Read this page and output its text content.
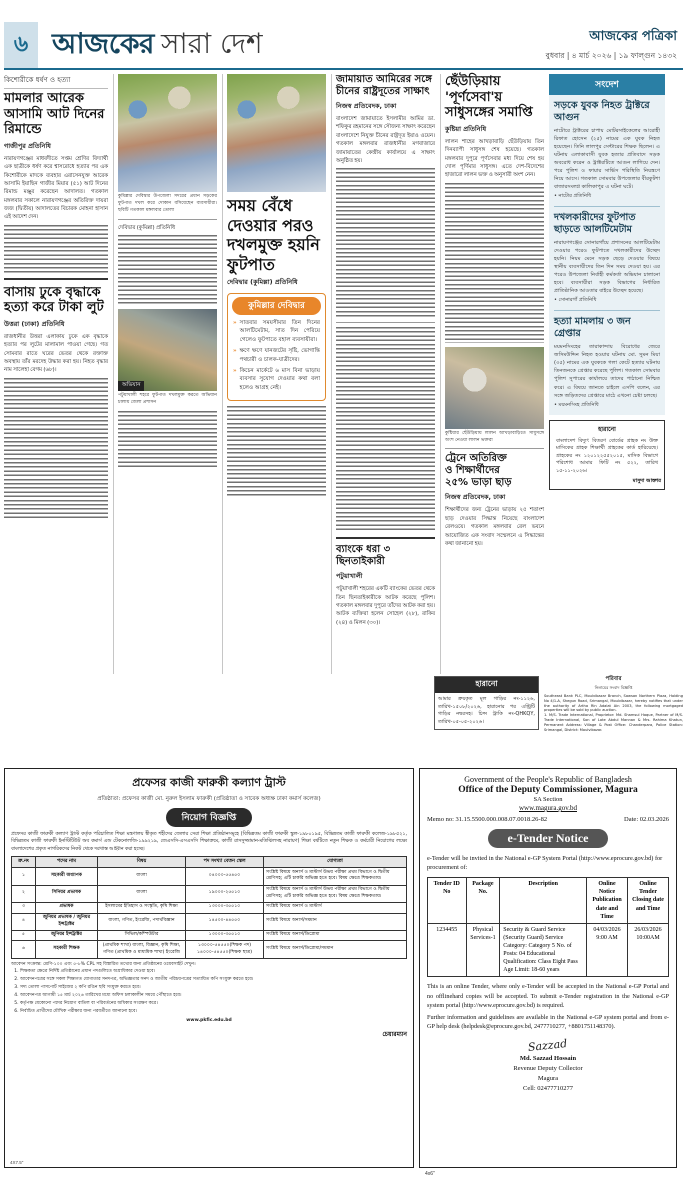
৬ আজকের সারা দেশ	আজকের পত্রিকা
বুধবার | ৪ মার্চ ২০২৬ | ১৯ ফাল্গুন ১৪৩২
কিশোরীকে ধর্ষণ ও হত্যা
মামলার আরেক আসামি আট দিনের রিমান্ডে
গাজীপুর প্রতিনিধি
নারায়ণগঞ্জের মাধবদীতে সপ্তম শ্রেণির বিদ্যার্থী এক ছাত্রীকে ধর্ষণ করে শ্বাসরোধে হত্যার পর এক কিশোরীকে মাদকে ব্যবহার এরাসেনযুক্ত আরেক আসামি ইয়াছিন গাজীর মিয়ার (৫১) আট দিনের রিমান্ড মঞ্জুর করেছেন আদালত। গতকাল মঙ্গলবার সকালে নারায়ণগঞ্জের অতিরিক্ত দায়রা জজ (দ্বিতীয়) আদালতের বিচারক মোহনা হাসান এই আদেশ দেন।
বাসায় ঢুকে বৃদ্ধাকে হত্যা করে টাকা লুট
উত্তরা (ঢাকা) প্রতিনিধি
রাজধানীর উত্তরা এলাকায় ঢুকে এক বৃদ্ধাকে হত্যার পর লুটের মালামাল পাওয়া গেছে। গত সোমবার রাতে ঘরের ভেতর থেকে রক্তাক্ত অবস্থায় তাঁর মরদেহ উদ্ধার করা হয়। নিহত বৃদ্ধার নাম সালেহা বেগম (৬৮)।
কুমিল্লার দেবিদ্বার উপজেলা সদরের প্রধান সড়কের ফুটপাত দখল করে দোকান বসিয়েছেন ব্যবসায়ীরা। ছবিটি গতকাল মঙ্গলবার তোলা
দেবিদ্বার (কুমিল্লা) প্রতিনিধি
অভিযান
পটুয়াখালী শহরে ফুটপাত দখলমুক্ত করতে অভিযান চালায় জেলা প্রশাসন
সময় বেঁধে দেওয়ার পরও
দখলমুক্ত হয়নি ফুটপাত
দেবিদ্বার (কুমিল্লা) প্রতিনিধি
কুমিল্লার দেবিদ্বার
» সাতবার সময়সীমার তিন দিনের আলটিমেটাম, সাত দিন পেরিয়ে গেলেও ফুটপাতে বহাল ব্যবসায়ীরা।
» ক্ষণে ক্ষণে যানজটের সৃষ্টি, ভোগান্তি পথচারী ও চালক-যাত্রীদের।
» কিচেন মার্কেটে ৬ মাস বিনা ভাড়ায় ব্যবসার সুযোগ দেওয়ার কথা বলা হলেও আগ্রহ নেই।
জামায়াত আমিরের সঙ্গে চীনের রাষ্ট্রদূতের সাক্ষাৎ
নিজস্ব প্রতিবেদক, ঢাকা
বাংলাদেশ জামায়াতে ইসলামীর আমির ডা. শফিকুর রহমানের সঙ্গে সৌজন্য সাক্ষাৎ করেছেন বাংলাদেশে নিযুক্ত চীনের রাষ্ট্রদূত ইয়াও ওয়েন। গতকাল মঙ্গলবার রাজধানীর মগবাজারে জামায়াতের কেন্দ্রীয় কার্যালয়ে এ সাক্ষাৎ অনুষ্ঠিত হয়।
ব্যাংকে ধরা ৩ ছিনতাইকারী
পটুয়াখালী
পটুয়াখালী শহরের একটি ব্যাংকের ভেতর থেকে তিন ছিনতাইকারীকে আটক করেছে পুলিশ। গতকাল মঙ্গলবার দুপুরে তাঁদের আটক করা হয়। আটক ব্যক্তিরা হলেন সোহেল (২৮), রাকিব (২৪) ও মিলন (৩০)।
ছেঁউড়িয়ায় 'পূর্ণসেবা'য় সাধুসঙ্গের সমাপ্তি
কুষ্টিয়া প্রতিনিধি
লালন শাহের আখড়াবাড়ি ছেঁউড়িয়ায় তিন দিনব্যাপী সাধুসঙ্গ শেষ হয়েছে। গতকাল মঙ্গলবার দুপুরে পূর্ণসেবার মধ্য দিয়ে শেষ হয় দোল পূর্ণিমার সাধুসঙ্গ। এতে দেশ-বিদেশের হাজারো লালন ভক্ত ও অনুসারী অংশ নেন।
কুষ্টিয়ার ছেঁউড়িয়ায় লালন আখড়াবাড়িতে সাধুসঙ্গে অংশ নেওয়া লালন ভক্তরা
ট্রেনে অতিরিক্ত
ও শিক্ষার্থীদের
২৫% ভাড়া ছাড়
নিজস্ব প্রতিবেদক, ঢাকা
শিক্ষার্থীদের জন্য ট্রেনের ভাড়ায় ২৫ শতাংশ ছাড় দেওয়ার সিদ্ধান্ত নিয়েছে বাংলাদেশ রেলওয়ে। গতকাল মঙ্গলবার রেল ভবনে আয়োজিত এক সংবাদ সম্মেলনে এ সিদ্ধান্তের কথা জানানো হয়।
সংদেশ
সড়কে যুবক নিহত ট্রাক্টরে আগুন
নাটোরে ট্রাক্টরের চাপায় মোটরসাইকেলের আরোহী রিফাত হোসেন (২৫) নামের এক যুবক নিহত হয়েছেন। তিনি লালপুর সেন্টারের শিক্ষক ছিলেন। এ ঘটনায় এলাকাবাসী যুবক হত্যার প্রতিবাদে সড়ক অবরোধ করেন ও ট্রাক্টরটিতে আগুন লাগিয়ে দেন। পরে পুলিশ ও ফায়ার সার্ভিস পরিস্থিতি নিয়ন্ত্রণে নিয়ে আসে। গতকাল সোমবার উপজেলার বীরকুটশা বাজারসংলগ্ন কালিকাপুর এ ঘটনা ঘটে।
• নাটোর প্রতিনিধি
দখলকারীদের ফুটপাত ছাড়তে আলটিমেটাম
নারায়ণগঞ্জের সোনারগাঁয়ে প্রশাসনের আলটিমেটাম দেওয়ার পরেও ফুটপাতে দখলকারীদের উচ্ছেদ হয়নি। নিয়ম মেনে সড়ক ছেড়ে দেওয়ার বিষয়ে স্থানীয় ব্যবসায়ীদের তিন দিন সময় দেওয়া হয়। এর পরেও উপজেলা নির্বাহী কর্মকর্তা অভিযান চালানো হবে। ব্যবসায়ীরা সড়ক বিভাগের নির্ধারিত প্রাতিষ্ঠানিক আওতার বাইরে উচ্ছেদ হয়েছে।
• সোনারগাঁ প্রতিনিধি
হত্যা মামলায় ৩ জন গ্রেপ্তার
ময়মনসিংহের তারাকান্দায় বিরোধের জেরে জসিমউদ্দিন নিহত হওয়ার ঘটনায় মো. সুমন মিয়া (৩৫) নামের এক যুবককে গলা কেটে হত্যার ঘটনায় তিনজনকে গ্রেপ্তার করেছে পুলিশ। গতকাল সোমবার পুলিশ সুপারের কার্যালয়ে তাদের পাঠানো নিশ্চিত করে। এ বিষয়ে জানতে চাইলে এসপি বলেন, এর সঙ্গে জড়িতদের গ্রেপ্তারে মাঠে এখনো চেষ্টা চলছে।
• ময়মনসিংহ প্রতিনিধি
হারানো
বাংলাদেশ বিদ্যুৎ বিতরণ বোর্ডের গ্রাহক নং উক্ত মাসিকের গ্রাহক শিক্ষার্থী গ্রাহকের কার্ড হারিয়েছে। গ্রাহকের নং ১২০১২২৫৫২০১৫, মাসিক বিভাগে পরিশোধ আমার ফিটি নং ৫২২, তারিখ ১৫-১১-২০২৬।
মাসুদা আক্তার
হারানো
আমার ক্রয়কৃত মূল গাড়ির নং-১১২৬, তারিখ-১৫০৮/২০২৬, হারানোর পর এন্ট্রিটি গাড়ির নম্বরসহ। চিপ্স ট্রাকি নং-QHKQY, তারিখ-০৫-০৫-২০২৬।
পরিবার
নিলামের সংবাদ বিজ্ঞপ্তি
Southeast Bank PLC, Moulvibazar Branch, Sawsan Northern Plaza, Holding No 4/1-A, Shegun Road, Srimangal, Moulvibazar, hereby notifies that under the authority of Artha Rin Adalat Ain 2003, the following mortgaged properties will be sold by public auction.
1. M/S. Trade International, Proprietor: Md. Shamsul Haque, Partner of M/S. Trade International, Son of Late Abdul Mannan & Mrs. Rahima Khatun, Permanent Address: Village & Post Office: Chanderpara, Police Station: Srimangal, District: Moulvibazar.
প্রফেসর কাজী ফারুকী কল্যাণ ট্রাস্ট
প্রতিষ্ঠাতা: প্রফেসর কাজী মো. নুরুল ইসলাম ফারুকী (প্রতিষ্ঠাতা ও সাবেক অধ্যক্ষ ঢাকা কমার্স কলেজ)
নিয়োগ বিজ্ঞপ্তি
প্রফেসর কাজী ফারুকী কল্যাণ ট্রাস্ট কর্তৃক পরিচালিত শিক্ষা মন্ত্রণালয় স্বীকৃত শহীদের জেলার সেরা শিক্ষা প্রতিষ্ঠানসমূহে (বিভিন্নতম কাজী ফারুকী স্কুল-১৯৮০১৯৫, বিভিন্নতম কাজী ফারুকী কলেজ-১৯৮৫২১, বিভিন্নতম কাজী ফারুকী ইনস্টিটিউট অব কমার্স এন্ড টেকনোলজি-১৯৯২১৯, জেএসসি-এসএসসি শিক্ষাক্রমে, কাজী রাসসুজ্জামান-মতিঝিলসহ নারায়ণ) শিক্ষা বর্ষটিতে নতুন শিক্ষক ও কর্মচারী নিয়োগের লক্ষ্যে বাংলাদেশের প্রকৃত নাগরিকদের নিকট থেকে দরখাস্ত আহ্বান করা হচ্ছে।
ক্র.নং	পদের নাম	বিষয়	পদ সংখ্যা বেতন স্কেল	যোগ্যতা
১	সহকারী অধ্যাপক	বাংলা	০৪০০০-৫৫৪৫০	সংশ্লিষ্ট বিষয়ে অনার্স ও মাস্টার্স উভয় পরীক্ষা প্রথম বিভাগে ও দ্বিতীয় শ্রেণিসহ; এটি চাকরি অভিজ্ঞ হতে হবে। বিষয় ক্ষেত্রে শিক্ষকতায়।
২	সিনিয়র প্রভাষক	বাংলা	১৯০০০-২৫৫১০	সংশ্লিষ্ট বিষয়ে অনার্স ও মাস্টার্স উভয় পরীক্ষা প্রথম বিভাগে ও দ্বিতীয় শ্রেণিসহ; এটি চাকরি অভিজ্ঞ হতে হবে। বিষয় ক্ষেত্রে শিক্ষকতায়।
৩	প্রভাষক	ইসলামের ইতিহাস ও সংস্কৃতি, কৃষি শিক্ষা	১৩০০০-৩৫৫১০	সংশ্লিষ্ট বিষয়ে অনার্স ও মাস্টার্স
৪	জুনিয়র প্রভাষক / জুনিয়র ইন্সট্রাক্টর	বাংলা, গণিত, ইংরেজি, পদার্থবিজ্ঞান	১৪৫০০-৪৪৫৫০	সংশ্লিষ্ট বিষয়ে অনার্স/সমমান
৫	জুনিয়র ইন্সট্রাক্টর	সিভিল/কম্পিউটার	১৩০০০-৩৫৫১০	সংশ্লিষ্ট বিষয়ে অনার্স/ডিপ্লোমা
৬	সহকারী শিক্ষক	(প্রাথমিক শাখা) বাংলা, বিজ্ঞান, কৃষি শিক্ষা, গণিত (প্রাথমিক ও মাধ্যমিক শাখা) ইংরেজি	১৩০০০-৫৪৫৫০(শিক্ষক পদ) ১৪০০০-৫৪৫৫০(শিক্ষক ছাত্র)	সংশ্লিষ্ট বিষয়ে অনার্স/ডিপ্লোমা/সমমান
আবেদন সংক্রান্ত: শ্রেণি-১০০ এবং ৫-৮% CPL সহ বিস্তারিত তথ্যের জন্য প্রতিষ্ঠানের ওয়েবসাইট দেখুন।
1. শিক্ষকতা ক্ষেত্রে নির্দিষ্ট প্রতিষ্ঠানের প্রধান পদগুলিতে অগ্রাধিকার দেওয়া হবে।
2. আবেদনপত্রের সঙ্গে সকল শিক্ষাগত যোগ্যতার সনদপত্র, অভিজ্ঞতার সনদ ও জাতীয় পরিচয়পত্রের সত্যায়িত কপি সংযুক্ত করতে হবে।
3. সদ্য তোলা পাসপোর্ট সাইজের ২ কপি রঙিন ছবি সংযুক্ত করতে হবে।
4. আবেদনপত্র আগামী ১৫ মার্চ ২০২৬ তারিখের মধ্যে অফিস চলাকালীন সময়ে পৌঁছাতে হবে।
5. কর্তৃপক্ষ যেকোনো পদের নিয়োগ বাতিল বা পরিবর্তনের অধিকার সংরক্ষণ করে।
6. নির্বাচিত প্রার্থীদের মৌখিক পরীক্ষার জন্য পরবর্তীতে জানানো হবে।
www.pkfic.edu.bd
চেয়ারম্যান
4X7.5"
Government of the People's Republic of Bangladesh
Office of the Deputy Commissioner, Magura
SA Section
www.magura.gov.bd
Memo no: 31.15.5500.000.008.07.0018.26-82	Date: 02.03.2026
e-Tender Notice
e-Tender will be invited in the National e-GP System Portal (http://www.eprocure.gov.bd) for procurement of:
Tender ID No	Package No.	Description	Online Notice Publication date and Time	Online Tender Closing date and Time
1234455	Physical Services-1	Security & Guard Service (Security Guard) Service Category: Category 5 No. of Posts: 04 Educational Qualification: Class Eight Pass Age Limit: 18-60 years	04/03/2026 9:00 AM	26/03/2026 10:00AM

This is an online Tender, where only e-Tender will be accepted in the National e-GP Portal and no offlinehard copies will be accepted. To submit e-Tender registration in the National e-GP system portal (http://www.eprocure.gov.bd) is required.

Further information and guidelines are available in the National e-GP system portal and from e-GP help desk (helpdesk@eprocure.gov.bd, 2477710277, +8801751148370).

Sazzad
Md. Sazzad Hossain
Revenue Deputy Collector
Magura
Cell: 02477710277
4x6"
